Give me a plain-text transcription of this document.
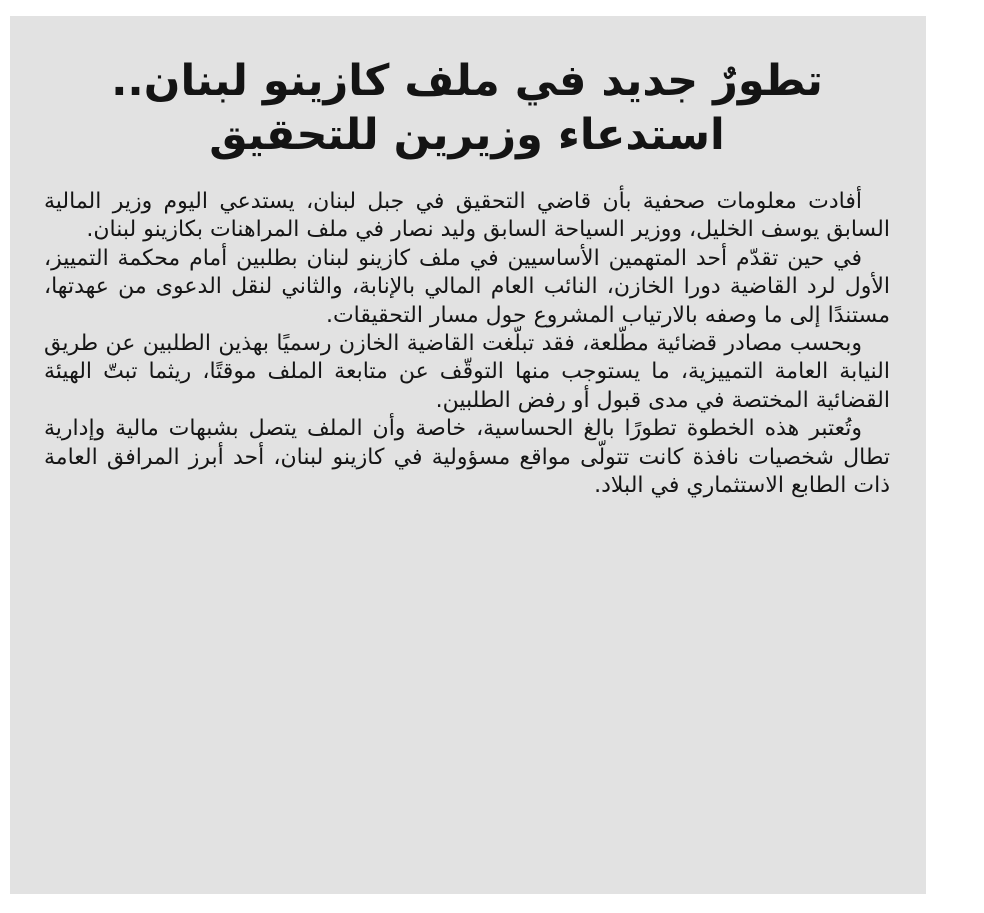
تطورٌ جديد في ملف كازينو لبنان..
استدعاء وزيرين للتحقيق

أفادت معلومات صحفية بأن قاضي التحقيق في جبل لبنان، يستدعي اليوم وزير المالية السابق يوسف الخليل، ووزير السياحة السابق وليد نصار في ملف المراهنات بكازينو لبنان.

في حين تقدّم أحد المتهمين الأساسيين في ملف كازينو لبنان بطلبين أمام محكمة التمييز، الأول لرد القاضية دورا الخازن، النائب العام المالي بالإنابة، والثاني لنقل الدعوى من عهدتها، مستندًا إلى ما وصفه بالارتياب المشروع حول مسار التحقيقات.

وبحسب مصادر قضائية مطّلعة، فقد تبلّغت القاضية الخازن رسميًا بهذين الطلبين عن طريق النيابة العامة التمييزية، ما يستوجب منها التوقّف عن متابعة الملف موقتًا، ريثما تبتّ الهيئة القضائية المختصة في مدى قبول أو رفض الطلبين.

وتُعتبر هذه الخطوة تطورًا بالغ الحساسية، خاصة وأن الملف يتصل بشبهات مالية وإدارية تطال شخصيات نافذة كانت تتولّى مواقع مسؤولية في كازينو لبنان، أحد أبرز المرافق العامة ذات الطابع الاستثماري في البلاد.
